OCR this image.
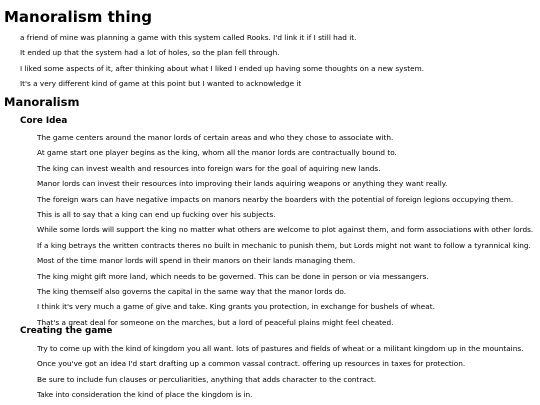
Manoralism thing

a friend of mine was planning a game with this system called Rooks. I'd link it if I still had it.

It ended up that the system had a lot of holes, so the plan fell through.

I liked some aspects of it, after thinking about what I liked I ended up having some thoughts on a new system.

It's a very different kind of game at this point but I wanted to acknowledge it

Manoralism
Core Idea

The game centers around the manor lords of certain areas and who they chose to associate with.

At game start one player begins as the king, whom all the manor lords are contractually bound to.

The king can invest wealth and resources into foreign wars for the goal of aquiring new lands.

Manor lords can invest their resources into improving their lands aquiring weapons or anything they want really.

The foreign wars can have negative impacts on manors nearby the boarders with the potential of foreign legions occupying them.

This is all to say that a king can end up fucking over his subjects.

While some lords will support the king no matter what others are welcome to plot against them, and form associations with other lords.

If a king betrays the written contracts theres no built in mechanic to punish them, but Lords might not want to follow a tyrannical king.

Most of the time manor lords will spend in their manors on their lands managing them.

The king might gift more land, which needs to be governed. This can be done in person or via messangers.

The king themself also governs the capital in the same way that the manor lords do.

I think it's very much a game of give and take. King grants you protection, in exchange for bushels of wheat.

That's a great deal for someone on the marches, but a lord of peaceful plains might feel cheated.

Creating the game

Try to come up with the kind of kingdom you all want. lots of pastures and fields of wheat or a militant kingdom up in the mountains.

Once you've got an idea I'd start drafting up a common vassal contract. offering up resources in taxes for protection.

Be sure to include fun clauses or perculiarities, anything that adds character to the contract.

Take into consideration the kind of place the kingdom is in.
